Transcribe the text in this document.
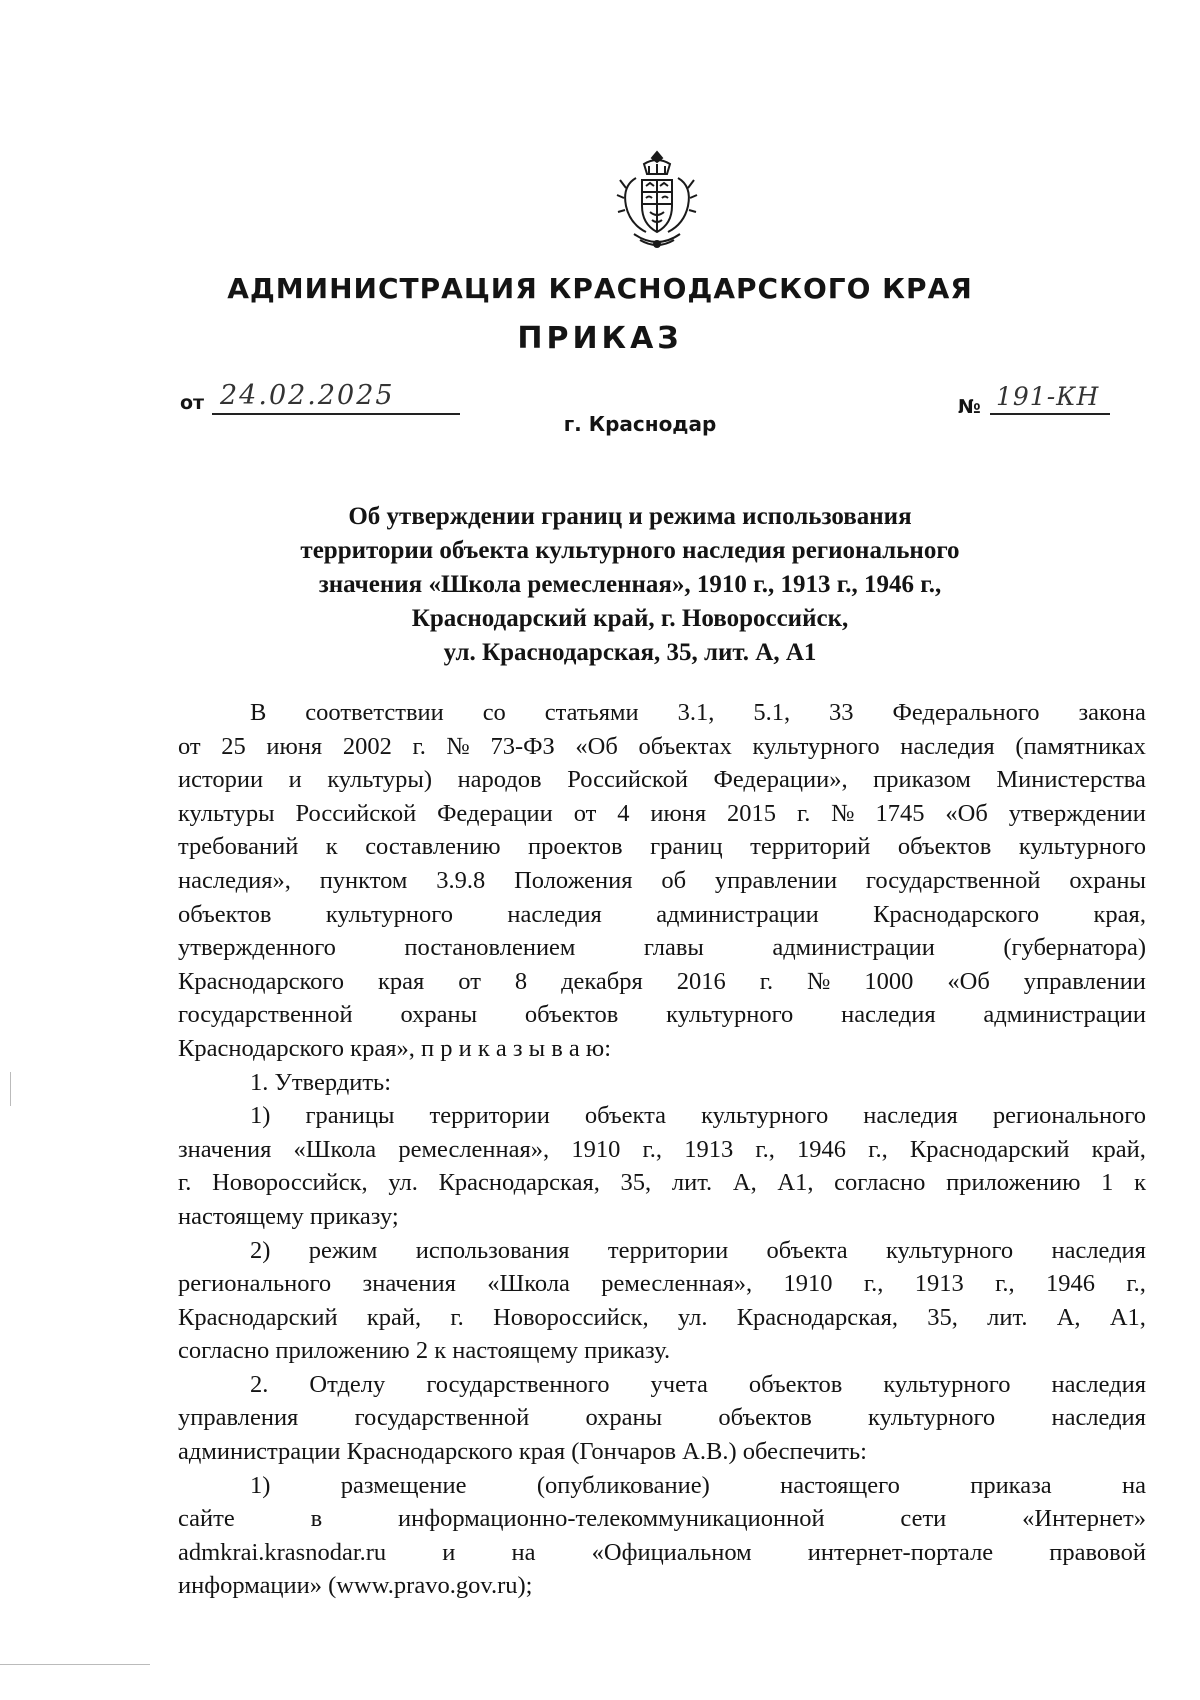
АДМИНИСТРАЦИЯ КРАСНОДАРСКОГО КРАЯ
ПРИКАЗ
от 24.02.2025	№ 191-КН
г. Краснодар
Об утверждении границ и режима использования
территории объекта культурного наследия регионального
значения «Школа ремесленная», 1910 г., 1913 г., 1946 г.,
Краснодарский край, г. Новороссийск,
ул. Краснодарская, 35, лит. А, А1
В соответствии со статьями 3.1, 5.1, 33 Федерального закона
от 25 июня 2002 г. № 73-ФЗ «Об объектах культурного наследия (памятниках
истории и культуры) народов Российской Федерации», приказом Министерства
культуры Российской Федерации от 4 июня 2015 г. № 1745 «Об утверждении
требований к составлению проектов границ территорий объектов культурного
наследия», пунктом 3.9.8 Положения об управлении государственной охраны
объектов культурного наследия администрации Краснодарского края,
утвержденного	постановлением	главы	администрации	(губернатора)
Краснодарского края от 8 декабря 2016 г. № 1000 «Об управлении
государственной охраны объектов культурного наследия администрации
Краснодарского края», п р и к а з ы в а ю:
1. Утвердить:
1) границы территории объекта культурного наследия регионального
значения «Школа ремесленная», 1910 г., 1913 г., 1946 г., Краснодарский край,
г. Новороссийск, ул. Краснодарская, 35, лит. А, А1, согласно приложению 1 к
настоящему приказу;
2) режим использования территории объекта культурного наследия
регионального значения «Школа ремесленная», 1910 г., 1913 г., 1946 г.,
Краснодарский край, г. Новороссийск, ул. Краснодарская, 35, лит. А, А1,
согласно приложению 2 к настоящему приказу.
2. Отделу государственного учета объектов культурного наследия
управления государственной охраны объектов культурного наследия
администрации Краснодарского края (Гончаров А.В.) обеспечить:
1)	размещение	(опубликование)	настоящего	приказа	на
сайте	в	информационно-телекоммуникационной	сети	«Интернет»
admkrai.krasnodar.ru и на «Официальном интернет-портале правовой
информации» (www.pravo.gov.ru);
